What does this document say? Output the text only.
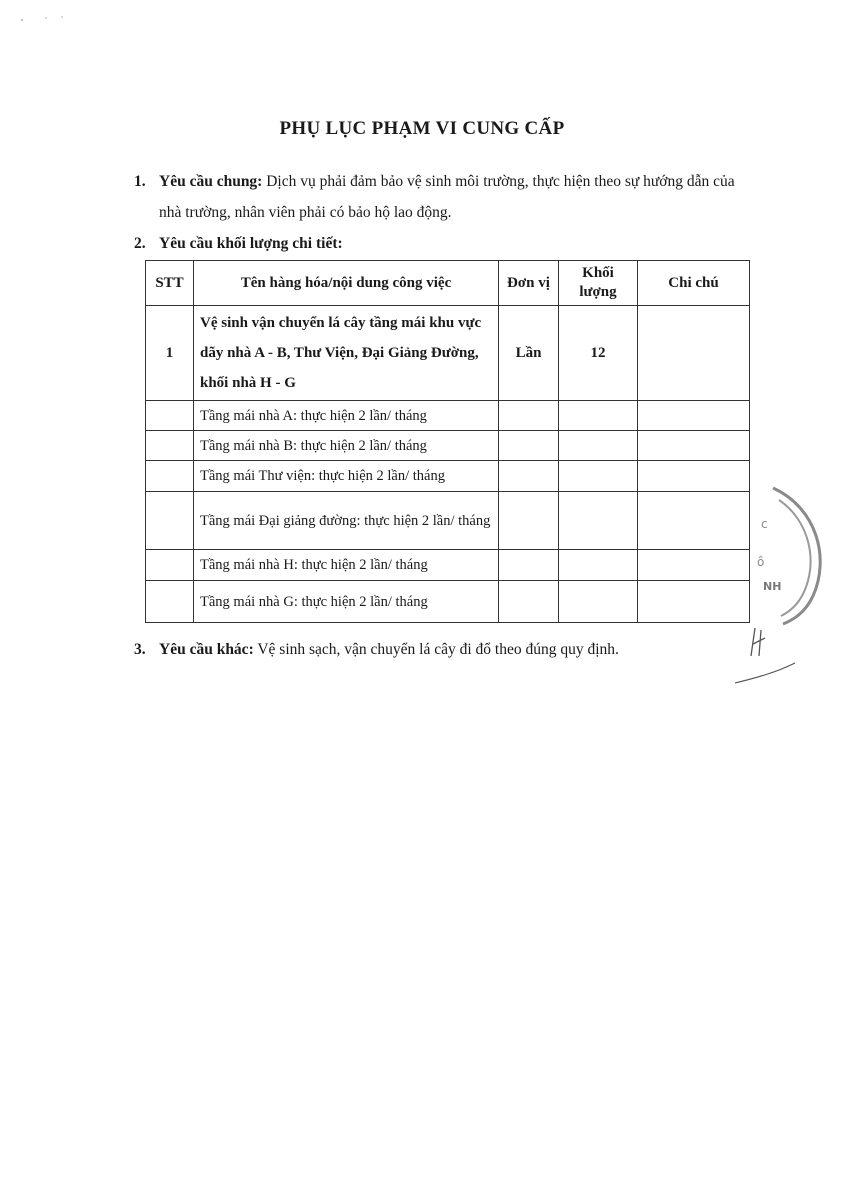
PHỤ LỤC PHẠM VI CUNG CẤP
1. Yêu cầu chung: Dịch vụ phải đảm bảo vệ sinh môi trường, thực hiện theo sự hướng dẫn của nhà trường, nhân viên phải có bảo hộ lao động.
2. Yêu cầu khối lượng chi tiết:
STT	Tên hàng hóa/nội dung công việc	Đơn vị	Khối lượng	Chi chú
1	Vệ sinh vận chuyển lá cây tầng mái khu vực dãy nhà A - B, Thư Viện, Đại Giảng Đường, khối nhà H - G	Lần	12	
	Tầng mái nhà A: thực hiện 2 lần/ tháng			
	Tầng mái nhà B: thực hiện 2 lần/ tháng			
	Tầng mái Thư viện: thực hiện 2 lần/ tháng			
	Tầng mái Đại giảng đường: thực hiện 2 lần/ tháng			
	Tầng mái nhà H: thực hiện 2 lần/ tháng			
	Tầng mái nhà G: thực hiện 2 lần/ tháng			
3. Yêu cầu khác: Vệ sinh sạch, vận chuyển lá cây đi đổ theo đúng quy định.
ⅽ
ô
NH
